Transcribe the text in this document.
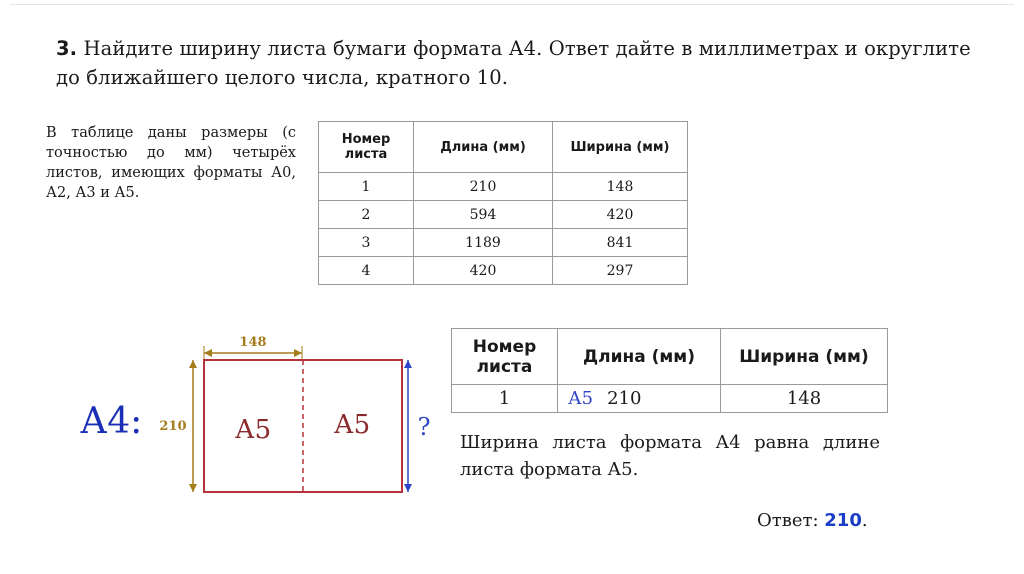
3. Найдите ширину листа бумаги формата А4. Ответ дайте в миллиметрах и округлите до ближайшего целого числа, кратного 10.
В таблице даны размеры (с точностью до мм) четырёх листов, имеющих форматы А0, А2, А3 и А5.
Номер листа	Длина (мм)	Ширина (мм)
1	210	148
2	594	420
3	1189	841
4	420	297
А4:
148
210 А5 А5 ?
Номер листа	Длина (мм)	Ширина (мм)
1	А5 210	148
Ширина листа формата А4 равна длине листа формата А5.
Ответ: 210.
